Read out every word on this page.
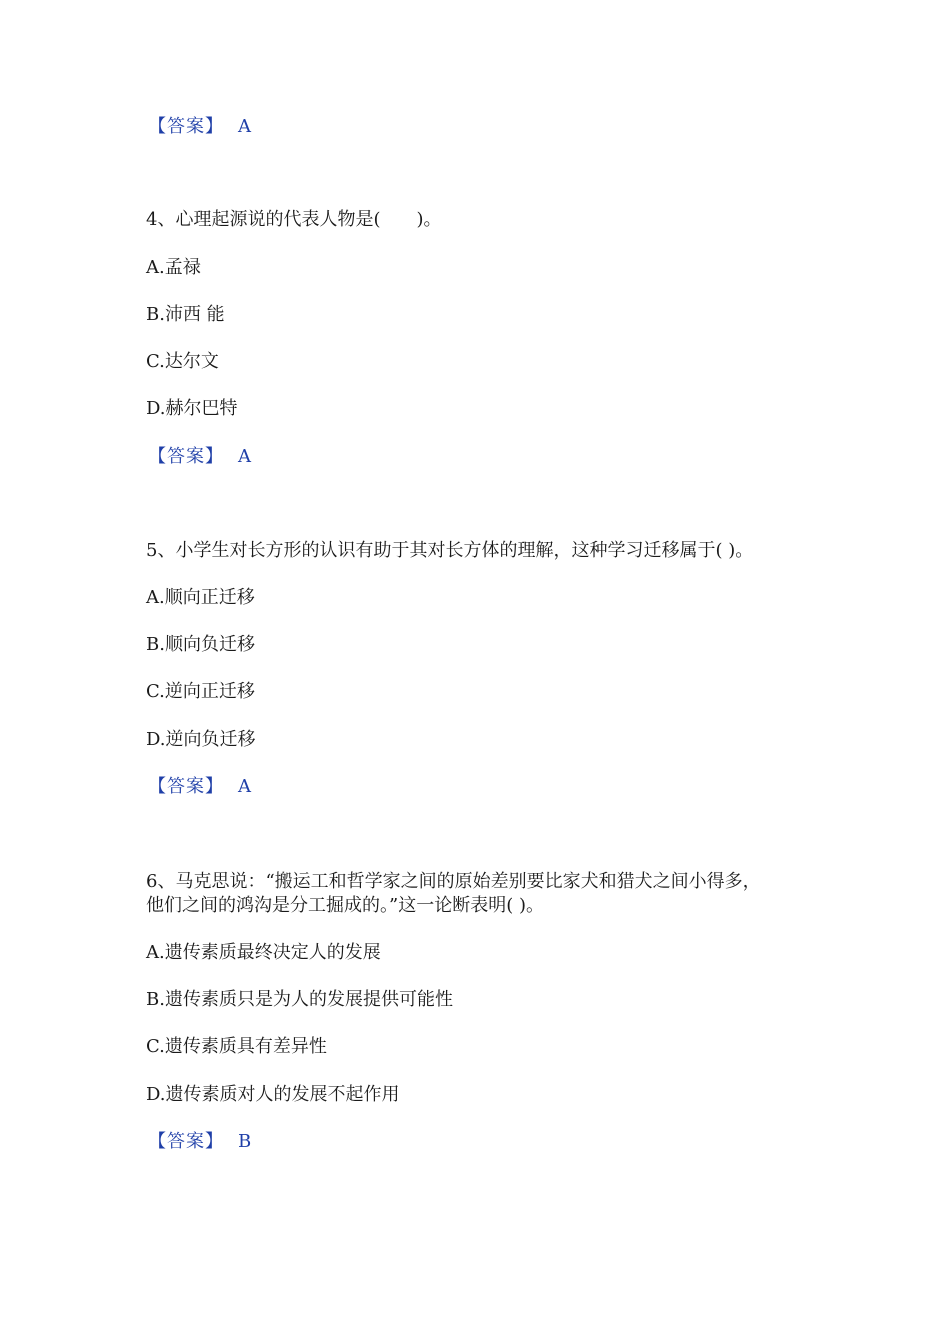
【答案】 A
4、心理起源说的代表人物是(　　)。
A.孟禄
B.沛西 能
C.达尔文
D.赫尔巴特
【答案】 A
5、小学生对长方形的认识有助于其对长方体的理解，这种学习迁移属于( )。
A.顺向正迁移
B.顺向负迁移
C.逆向正迁移
D.逆向负迁移
【答案】 A
6、马克思说：“搬运工和哲学家之间的原始差别要比家犬和猎犬之间小得多，
他们之间的鸿沟是分工掘成的。”这一论断表明( )。
A.遗传素质最终决定人的发展
B.遗传素质只是为人的发展提供可能性
C.遗传素质具有差异性
D.遗传素质对人的发展不起作用
【答案】 B
